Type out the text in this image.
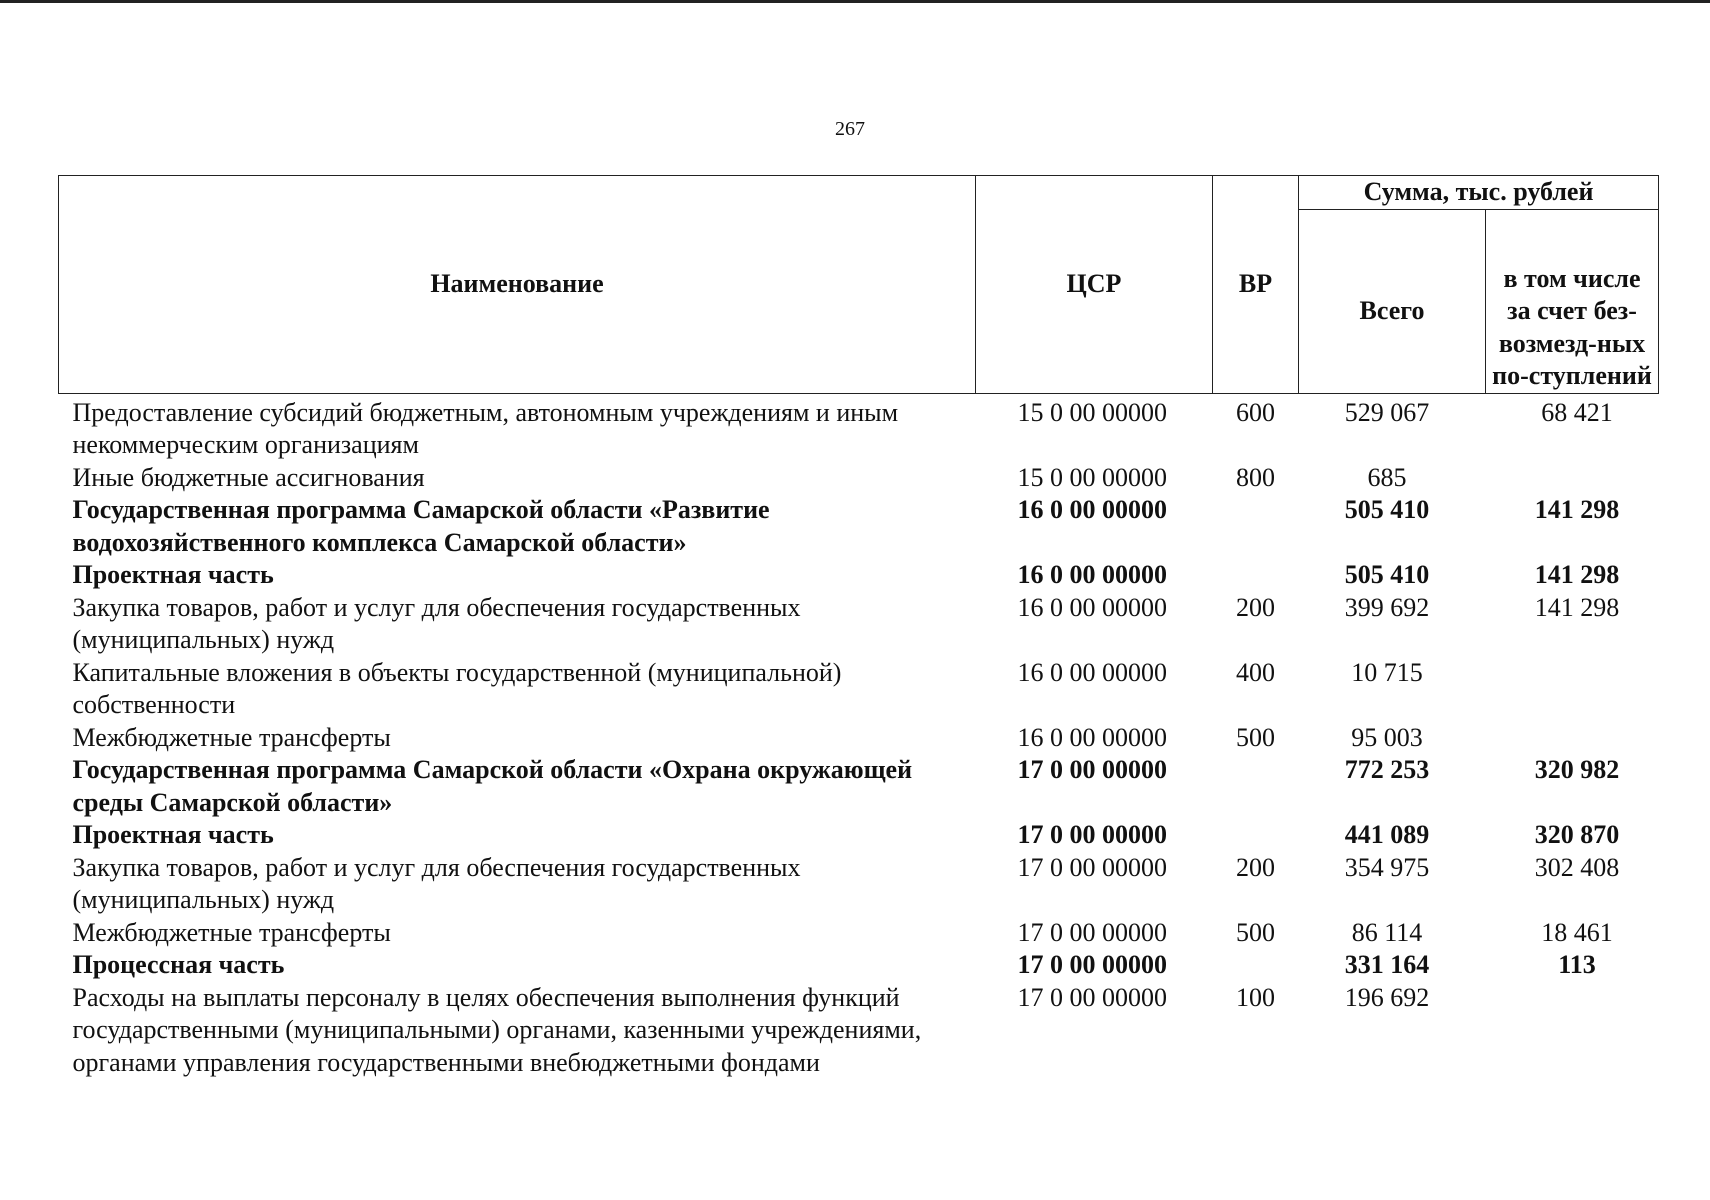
267
Наименование	ЦСР	ВР	Сумма, тыс. рублей	
			Всего	в том числе за счет без-возмезд-ных по-ступлений
Предоставление субсидий бюджетным, автономным учреждениям и иным некоммерческим организациям	15 0 00 00000	600	529 067	68 421
Иные бюджетные ассигнования	15 0 00 00000	800	685	
Государственная программа Самарской области «Развитие водохозяйственного комплекса Самарской области»	16 0 00 00000		505 410	141 298
Проектная часть	16 0 00 00000		505 410	141 298
Закупка товаров, работ и услуг для обеспечения государственных (муниципальных) нужд	16 0 00 00000	200	399 692	141 298
Капитальные вложения в объекты государственной (муниципальной) собственности	16 0 00 00000	400	10 715	
Межбюджетные трансферты	16 0 00 00000	500	95 003	
Государственная программа Самарской области «Охрана окружающей среды Самарской области»	17 0 00 00000		772 253	320 982
Проектная часть	17 0 00 00000		441 089	320 870
Закупка товаров, работ и услуг для обеспечения государственных (муниципальных) нужд	17 0 00 00000	200	354 975	302 408
Межбюджетные трансферты	17 0 00 00000	500	86 114	18 461
Процессная часть	17 0 00 00000		331 164	113
Расходы на выплаты персоналу в целях обеспечения выполнения функций государственными (муниципальными) органами, казенными учреждениями, органами управления государственными внебюджетными фондами	17 0 00 00000	100	196 692	
